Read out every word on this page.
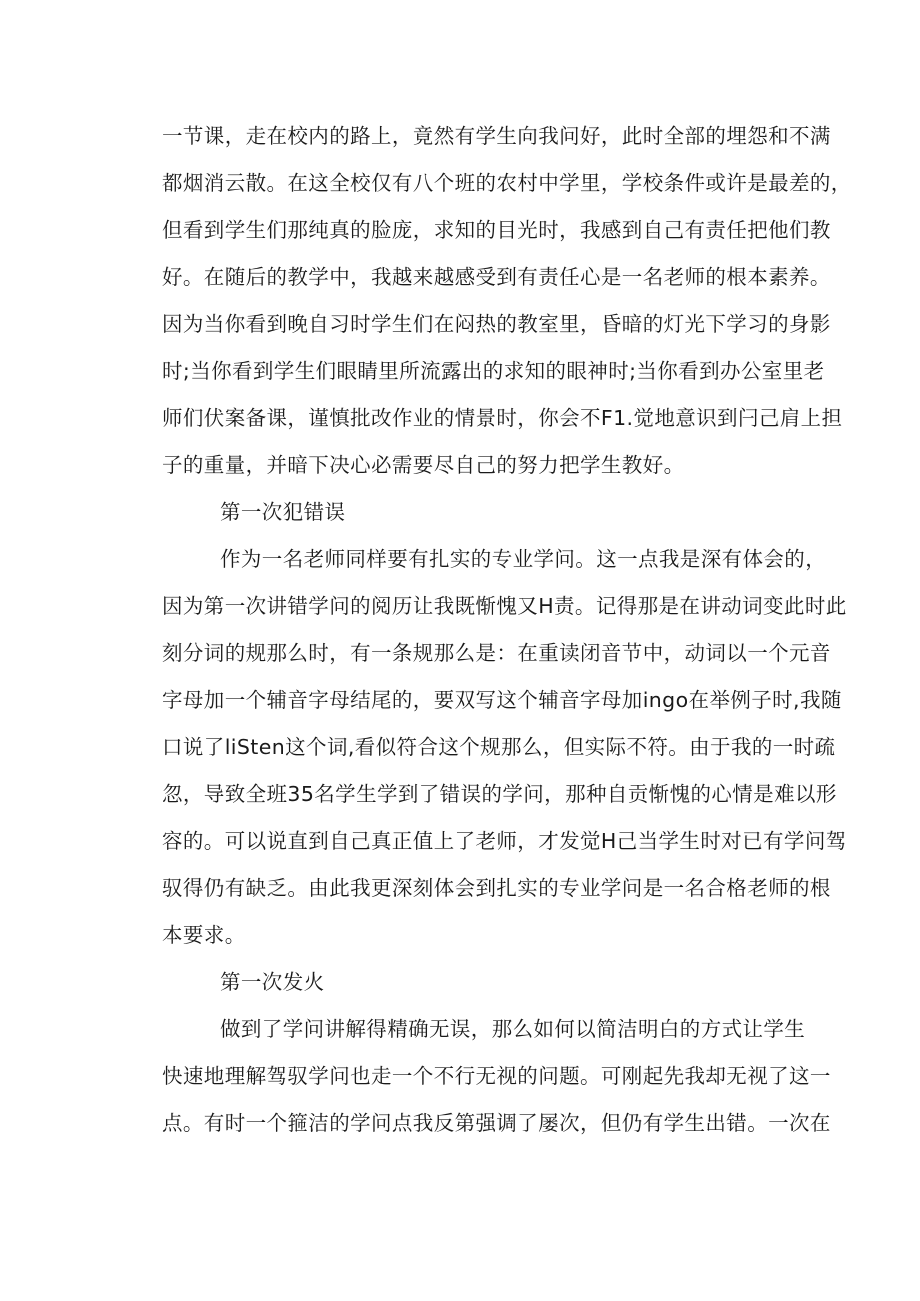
一节课，走在校内的路上，竟然有学生向我问好，此时全部的埋怨和不满
都烟消云散。在这全校仅有八个班的农村中学里，学校条件或许是最差的，
但看到学生们那纯真的脸庞，求知的目光时，我感到自己有责任把他们教
好。在随后的教学中，我越来越感受到有责任心是一名老师的根本素养。
因为当你看到晚自习时学生们在闷热的教室里，昏暗的灯光下学习的身影
时;当你看到学生们眼睛里所流露出的求知的眼神时;当你看到办公室里老
师们伏案备课，谨慎批改作业的情景时，你会不F1.觉地意识到闩己肩上担
子的重量，并暗下决心必需要尽自己的努力把学生教好。
第一次犯错误
作为一名老师同样要有扎实的专业学问。这一点我是深有体会的，
因为第一次讲错学问的阅历让我既惭愧又H责。记得那是在讲动词变此时此
刻分词的规那么时，有一条规那么是：在重读闭音节中，动词以一个元音
字母加一个辅音字母结尾的，要双写这个辅音字母加ingo在举例子时,我随
口说了liSten这个词,看似符合这个规那么，但实际不符。由于我的一时疏
忽，导致全班35名学生学到了错误的学问，那种自贡惭愧的心情是难以形
容的。可以说直到自己真正值上了老师，才发觉H己当学生时对已有学问驾
驭得仍有缺乏。由此我更深刻体会到扎实的专业学问是一名合格老师的根
本要求。
第一次发火
做到了学问讲解得精确无误，那么如何以简洁明白的方式让学生
快速地理解驾驭学问也走一个不行无视的问题。可刚起先我却无视了这一
点。有时一个箍洁的学问点我反第强调了屡次，但仍有学生出错。一次在
